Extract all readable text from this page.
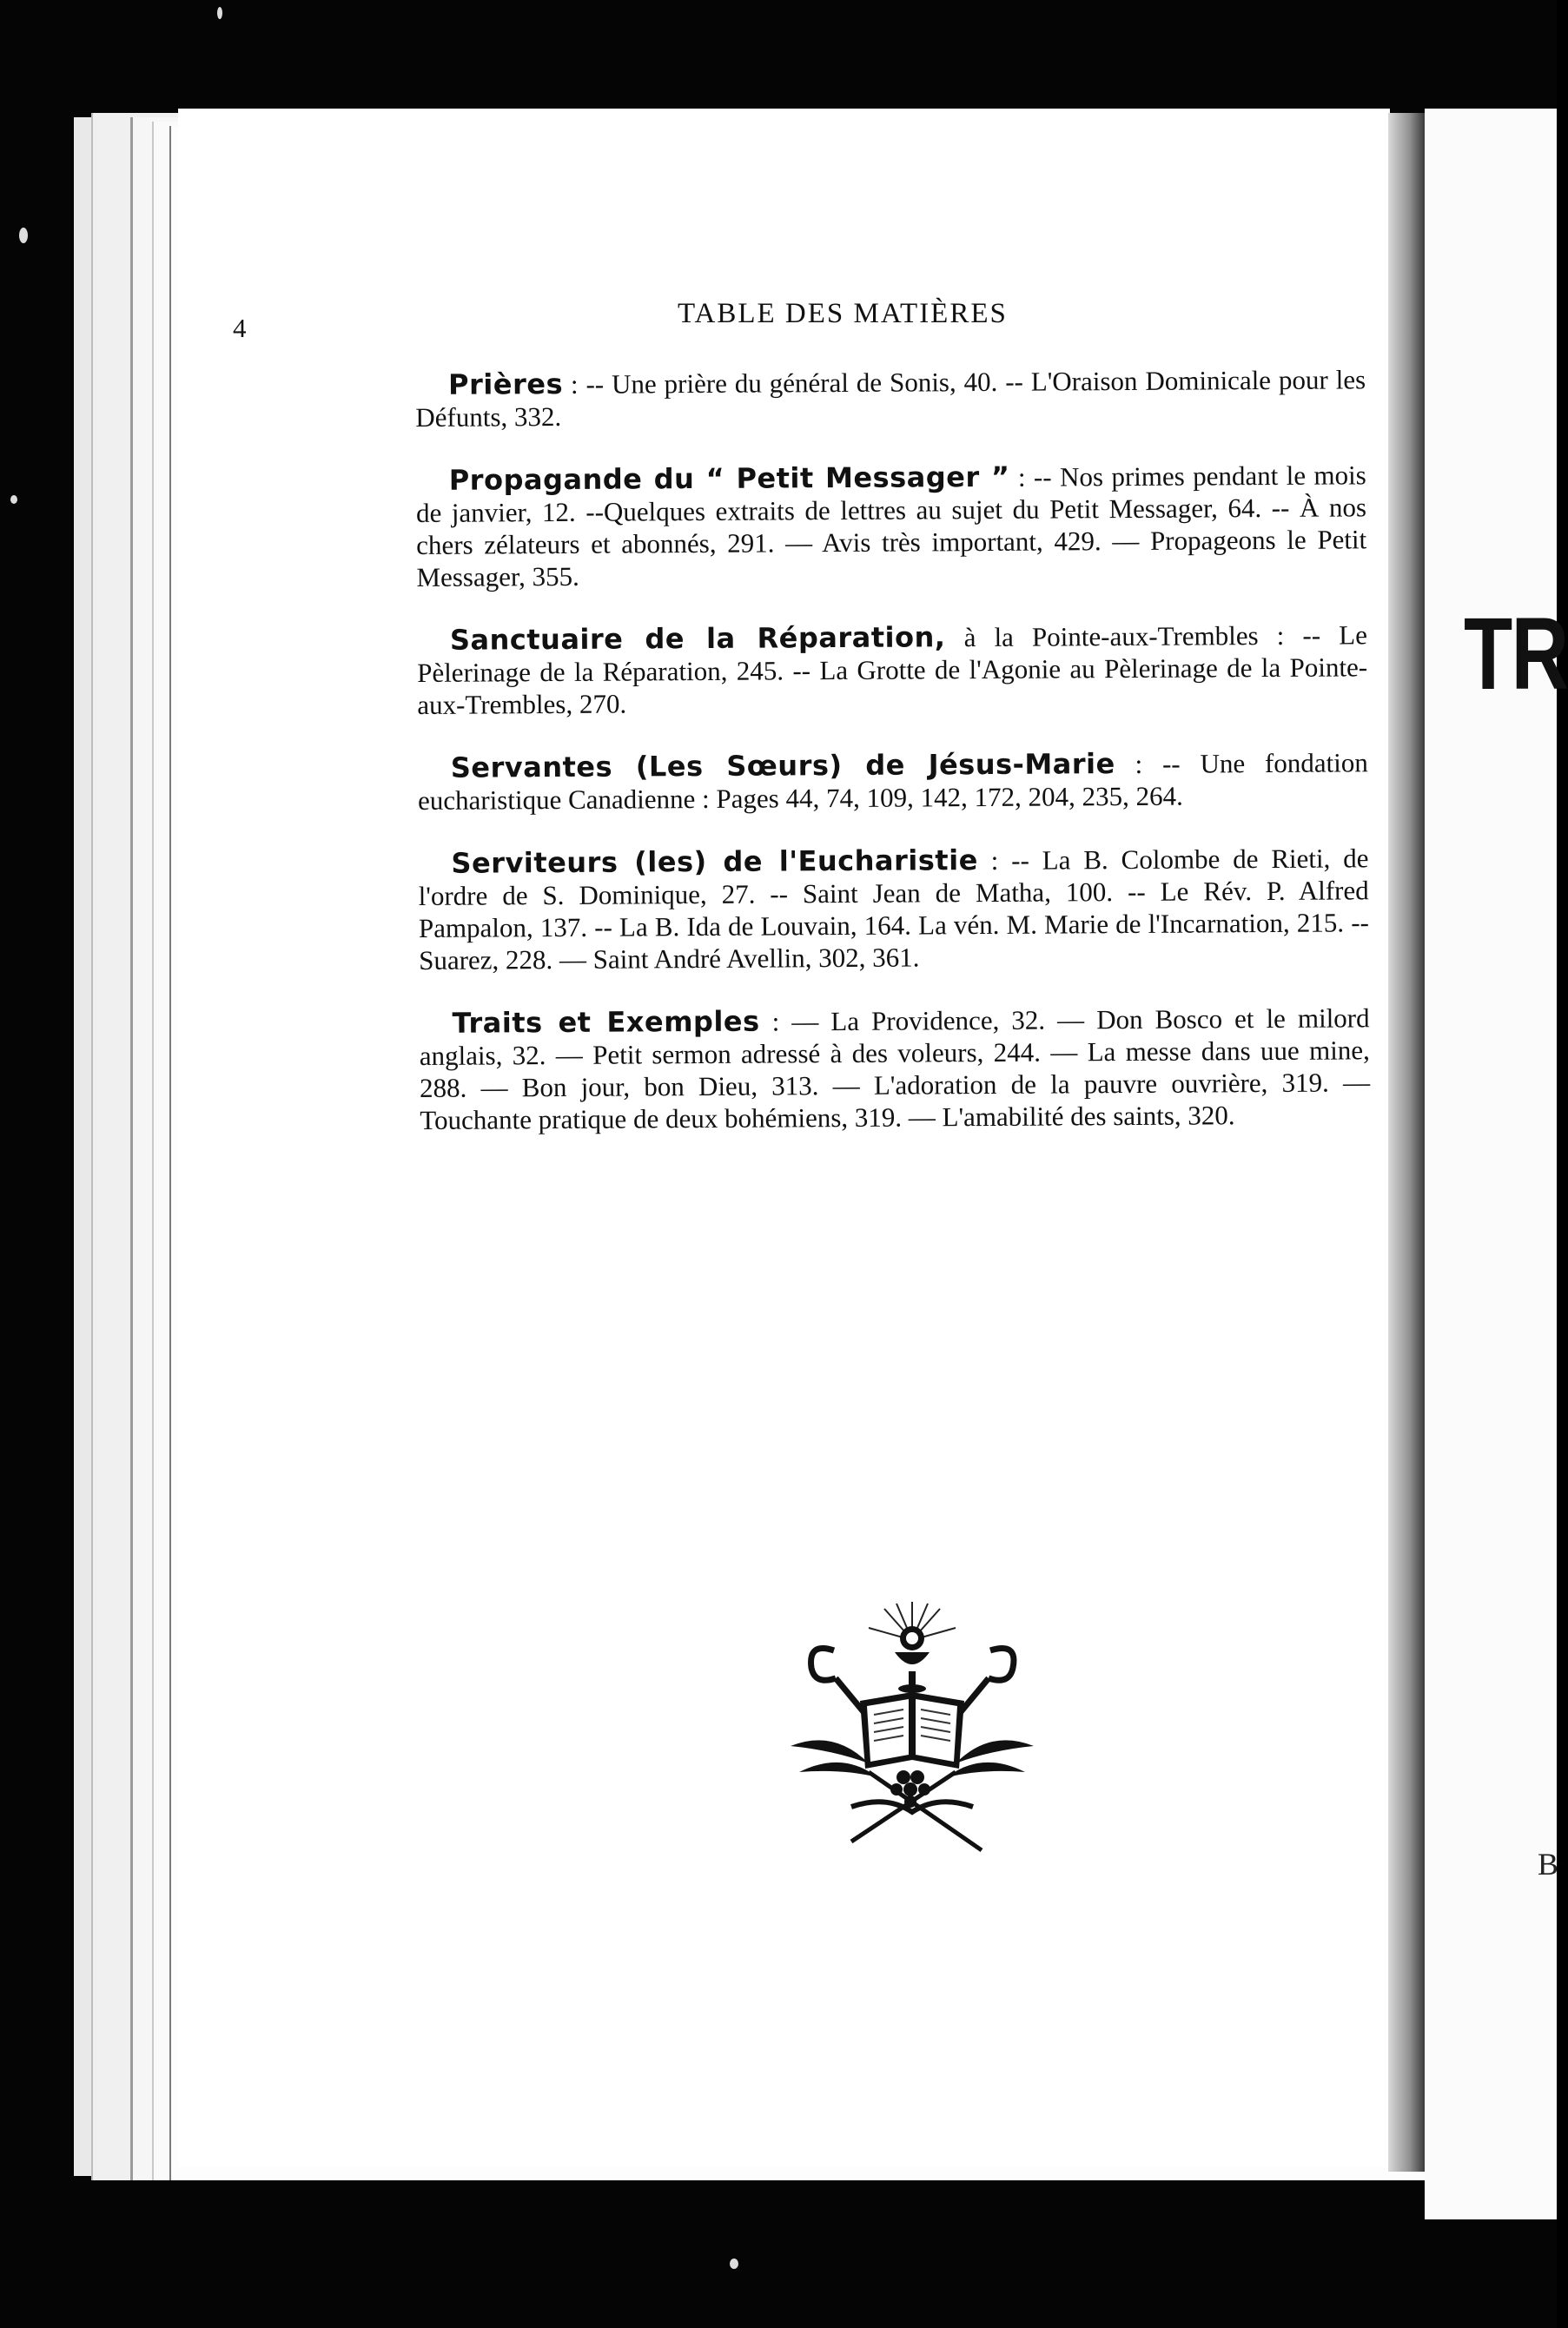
TR
B
4	TABLE DES MATIÈRES

Prières : -- Une prière du général de Sonis, 40. -- L'Oraison Dominicale pour les Défunts, 332.

Propagande du “ Petit Messager ” : -- Nos primes pendant le mois de janvier, 12. --Quelques extraits de lettres au sujet du Petit Messager, 64. -- À nos chers zélateurs et abonnés, 291. — Avis très important, 429. — Propageons le Petit Messager, 355.

Sanctuaire de la Réparation, à la Pointe-aux-Trembles : -- Le Pèlerinage de la Réparation, 245. -- La Grotte de l'Agonie au Pèlerinage de la Pointe-aux-Trembles, 270.

Servantes (Les Sœurs) de Jésus-Marie : -- Une fondation eucharistique Canadienne : Pages 44, 74, 109, 142, 172, 204, 235, 264.

Serviteurs (les) de l'Eucharistie : -- La B. Colombe de Rieti, de l'ordre de S. Dominique, 27. -- Saint Jean de Matha, 100. -- Le Rév. P. Alfred Pampalon, 137. -- La B. Ida de Louvain, 164. La vén. M. Marie de l'Incarnation, 215. -- Suarez, 228. — Saint André Avellin, 302, 361.

Traits et Exemples : — La Providence, 32. — Don Bosco et le milord anglais, 32. — Petit sermon adressé à des voleurs, 244. — La messe dans uue mine, 288. — Bon jour, bon Dieu, 313. — L'adoration de la pauvre ouvrière, 319. — Touchante pratique de deux bohémiens, 319. — L'amabilité des saints, 320.
